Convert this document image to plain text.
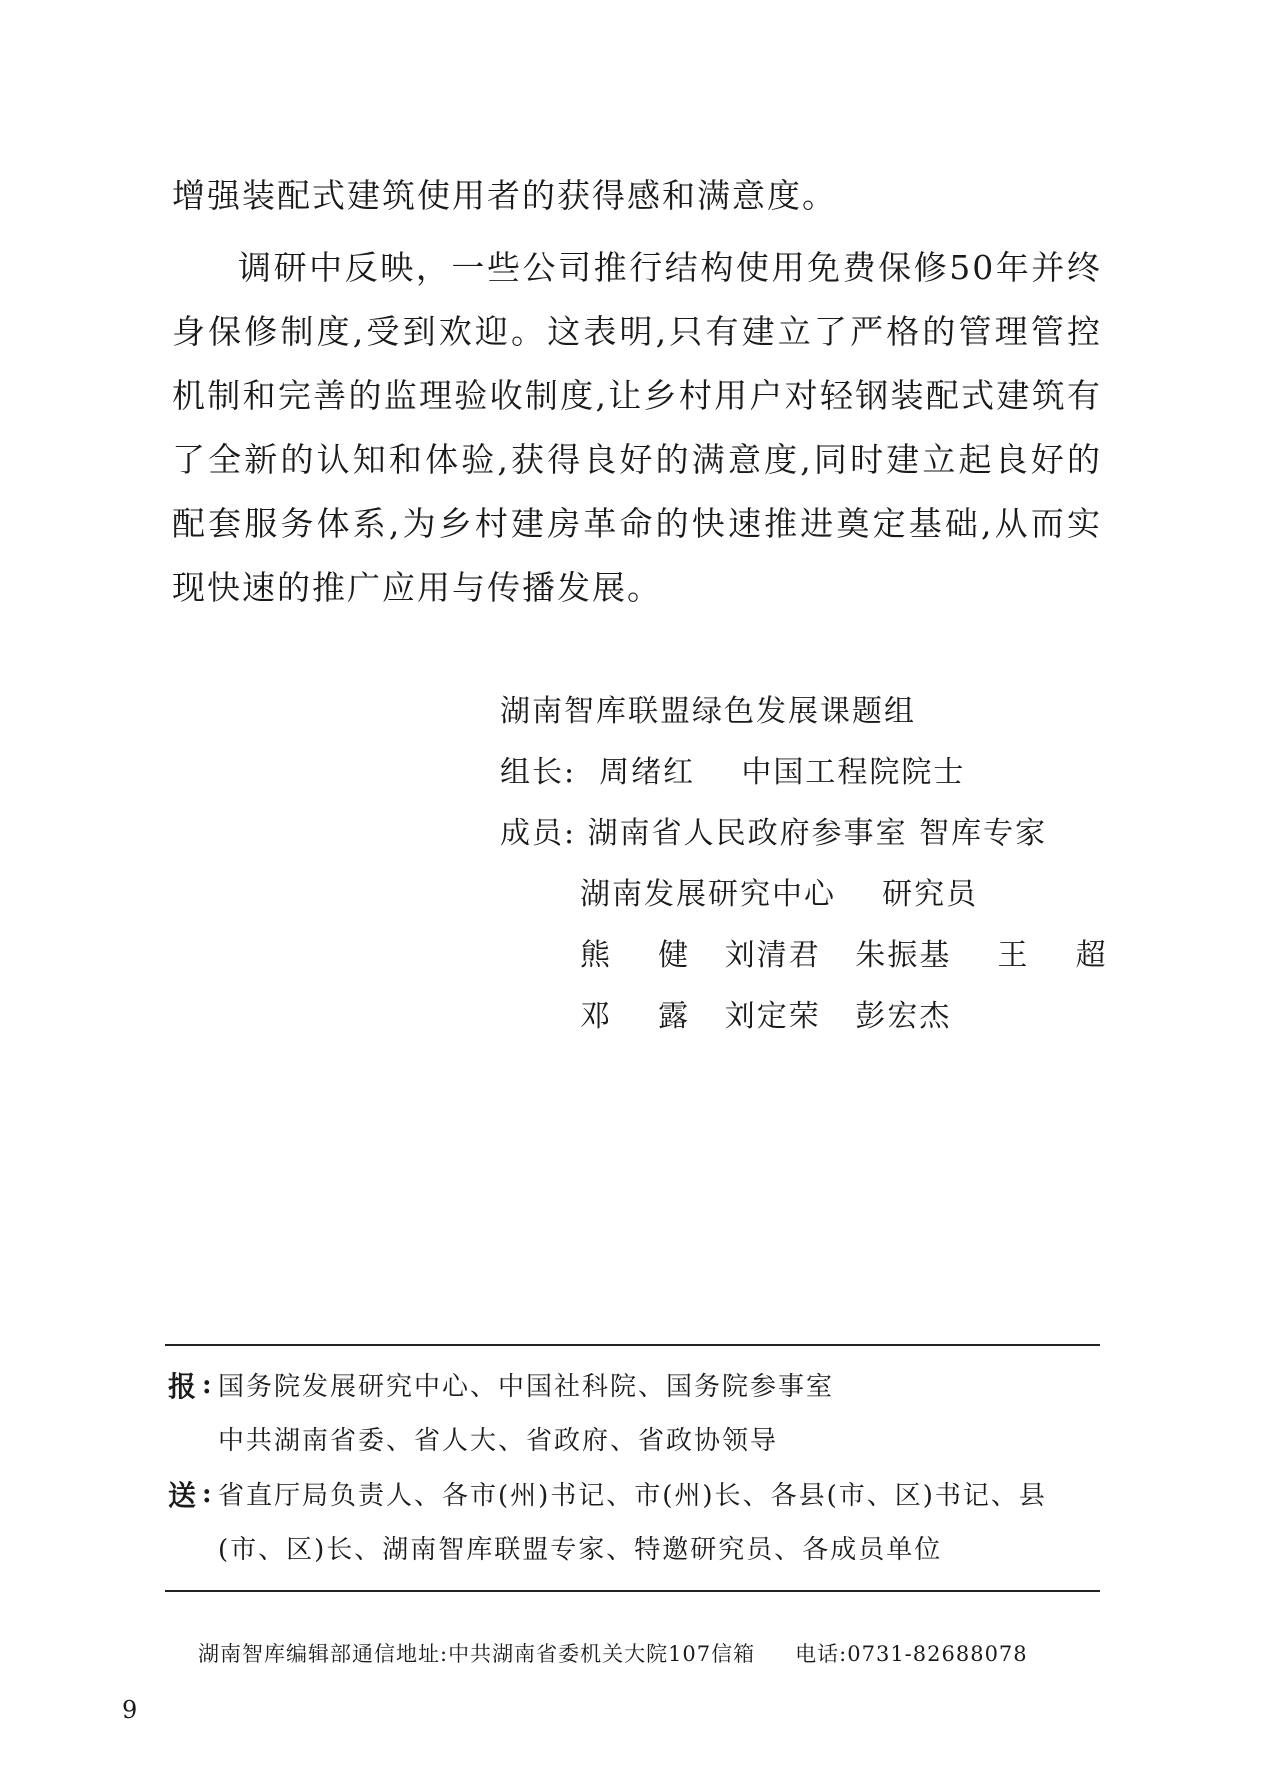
增强装配式建筑使用者的获得感和满意度。
调研中反映，一些公司推行结构使用免费保修50年并终身保修制度,受到欢迎。这表明,只有建立了严格的管理管控机制和完善的监理验收制度,让乡村用户对轻钢装配式建筑有了全新的认知和体验,获得良好的满意度,同时建立起良好的配套服务体系,为乡村建房革命的快速推进奠定基础,从而实现快速的推广应用与传播发展。
湖南智库联盟绿色发展课题组
组长:  周绪红    中国工程院院士
成员: 湖南省人民政府参事室 智库专家
湖南发展研究中心    研究员
熊    健   刘清君   朱振基    王    超
邓    露   刘定荣   彭宏杰
报 : 国务院发展研究中心、中国社科院、国务院参事室
中共湖南省委、省人大、省政府、省政协领导
送 : 省直厅局负责人、各市(州)书记、市(州)长、各县(市、区)书记、县
(市、区)长、湖南智库联盟专家、特邀研究员、各成员单位
湖南智库编辑部通信地址:中共湖南省委机关大院107信箱 电话:0731-82688078
9
